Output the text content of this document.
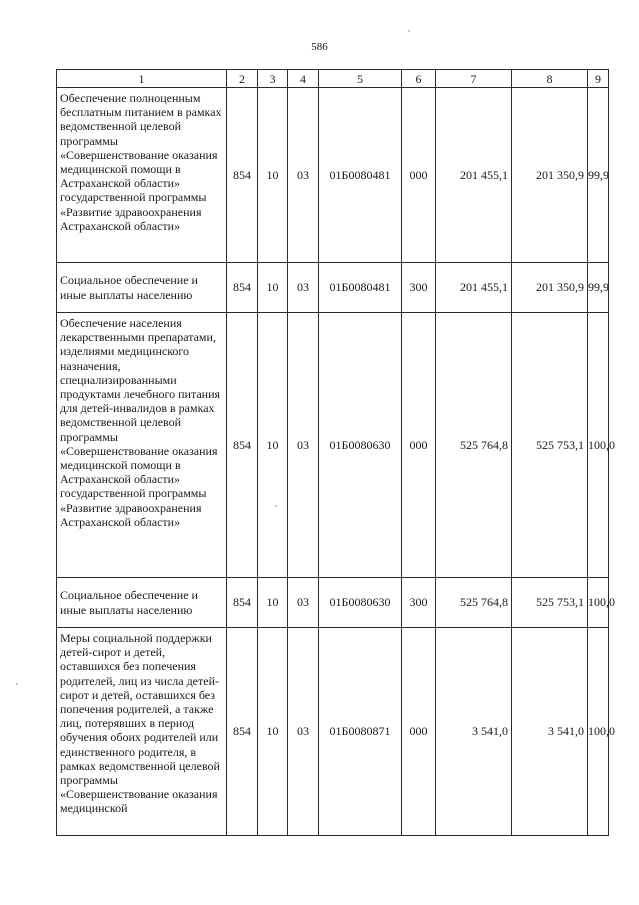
586
1	2	3	4	5	6	7	8	9
Обеспечение полноценным бесплатным питанием в рамках ведомственной целевой программы «Совершенствование оказания медицинской помощи в Астраханской области» государственной программы «Развитие здравоохранения Астраханской области»	854	10	03	01Б0080481	000	201 455,1	201 350,9	99,9
Социальное обеспечение и иные выплаты населению	854	10	03	01Б0080481	300	201 455,1	201 350,9	99,9
Обеспечение населения лекарственными препаратами, изделиями медицинского назначения, специализированными продуктами лечебного питания для детей-инвалидов в рамках ведомственной целевой программы «Совершенствование оказания медицинской помощи в Астраханской области» государственной программы «Развитие здравоохранения Астраханской области»	854	10	03	01Б0080630	000	525 764,8	525 753,1	100,0
Социальное обеспечение и иные выплаты населению	854	10	03	01Б0080630	300	525 764,8	525 753,1	100,0
Меры социальной поддержки детей-сирот и детей, оставшихся без попечения родителей, лиц из числа детей-сирот и детей, оставшихся без попечения родителей, а также лиц, потерявших в период обучения обоих родителей или единственного родителя, в рамках ведомственной целевой программы «Совершенствование оказания медицинской	854	10	03	01Б0080871	000	3 541,0	3 541,0	100,0
